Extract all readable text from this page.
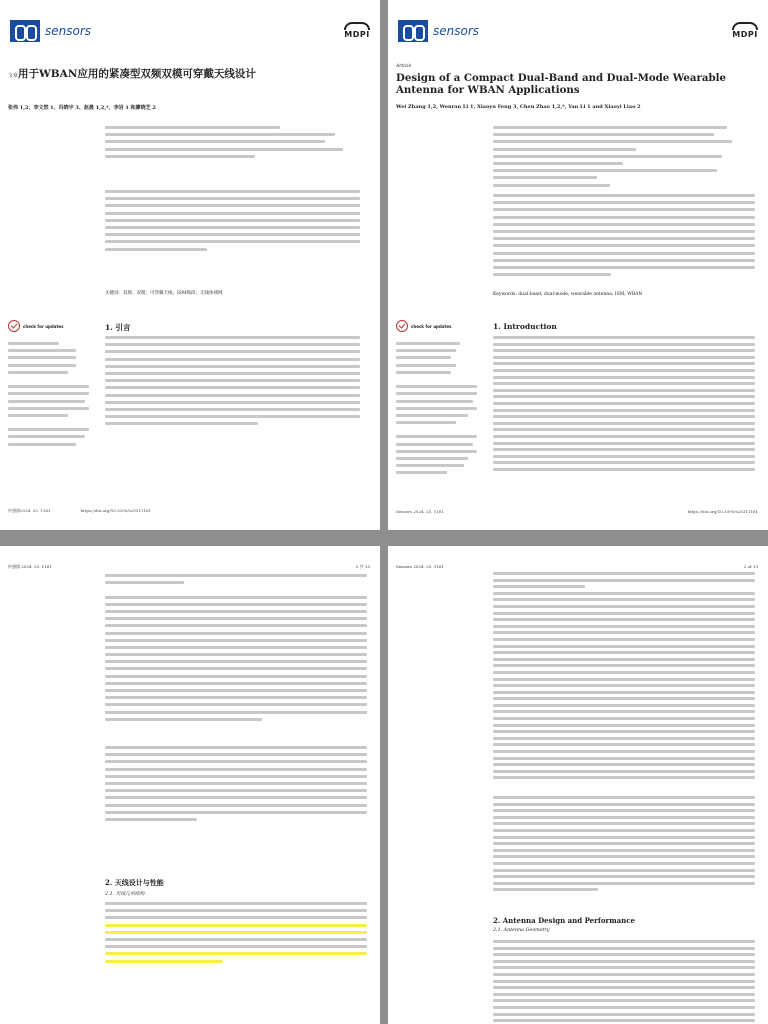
sensors	MDPI
文章用于WBAN应用的紧凑型双频双模可穿戴天线设计
张伟 1,2、李文然 1、冯晓宇 3、赵晨 1,2,*、李岩 1 和廖晓芝 2
关键词：双频；双模；可穿戴天线；ISM频段；无线体域网
check for updates	1. 引言
传感器2024, 25, 1161	https://doi.org/10.3390/s25311161
sensors	MDPI
Article
Design of a Compact Dual-Band and Dual-Mode Wearable Antenna for WBAN Applications
Wei Zhang 1,2, Wenran Li 1, Xiaoyu Feng 3, Chen Zhao 1,2,*, Yan Li 1 and Xiaoyi Liao 2
Keywords: dual-band; dual-mode; wearable antenna; ISM; WBAN
check for updates	1. Introduction
Sensors 2024, 25, 1161	https://doi.org/10.3390/s25311161
传感器 2024, 25, 1161	2 共 13
2. 天线设计与性能
2.1. 天线几何结构
Sensors 2024, 25, 1161	2 of 13
2. Antenna Design and Performance
2.1. Antenna Geometry
